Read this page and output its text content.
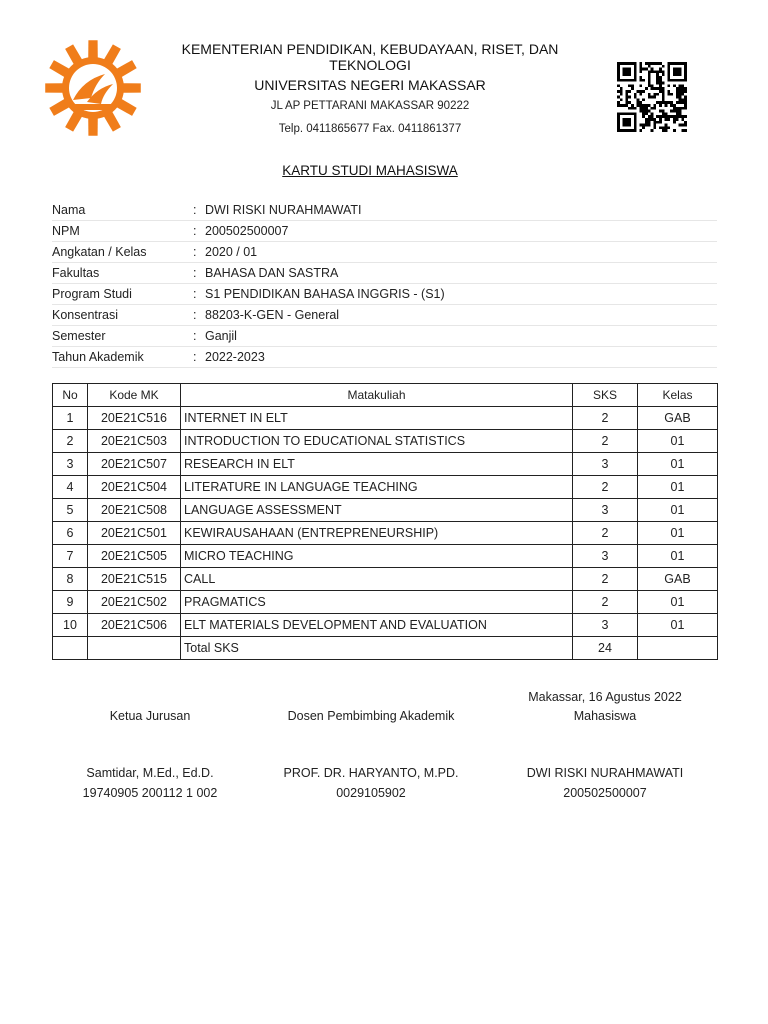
KEMENTERIAN PENDIDIKAN, KEBUDAYAAN, RISET, DAN TEKNOLOGI
UNIVERSITAS NEGERI MAKASSAR
JL AP PETTARANI MAKASSAR 90222
Telp. 0411865677 Fax. 0411861377
KARTU STUDI MAHASISWA
Nama	: DWI RISKI NURAHMAWATI
NPM	: 200502500007
Angkatan / Kelas	: 2020 / 01
Fakultas	: BAHASA DAN SASTRA
Program Studi	: S1 PENDIDIKAN BAHASA INGGRIS - (S1)
Konsentrasi	: 88203-K-GEN - General
Semester	: Ganjil
Tahun Akademik	: 2022-2023
No	Kode MK	Matakuliah	SKS	Kelas
1	20E21C516	INTERNET IN ELT	2	GAB
2	20E21C503	INTRODUCTION TO EDUCATIONAL STATISTICS	2	01
3	20E21C507	RESEARCH IN ELT	3	01
4	20E21C504	LITERATURE IN LANGUAGE TEACHING	2	01
5	20E21C508	LANGUAGE ASSESSMENT	3	01
6	20E21C501	KEWIRAUSAHAAN (ENTREPRENEURSHIP)	2	01
7	20E21C505	MICRO TEACHING	3	01
8	20E21C515	CALL	2	GAB
9	20E21C502	PRAGMATICS	2	01
10	20E21C506	ELT MATERIALS DEVELOPMENT AND EVALUATION	3	01
		Total SKS	24	
Makassar, 16 Agustus 2022
Ketua Jurusan	Dosen Pembimbing Akademik	Mahasiswa
Samtidar, M.Ed., Ed.D.
19740905 200112 1 002
PROF. DR. HARYANTO, M.PD.
0029105902
DWI RISKI NURAHMAWATI
200502500007
